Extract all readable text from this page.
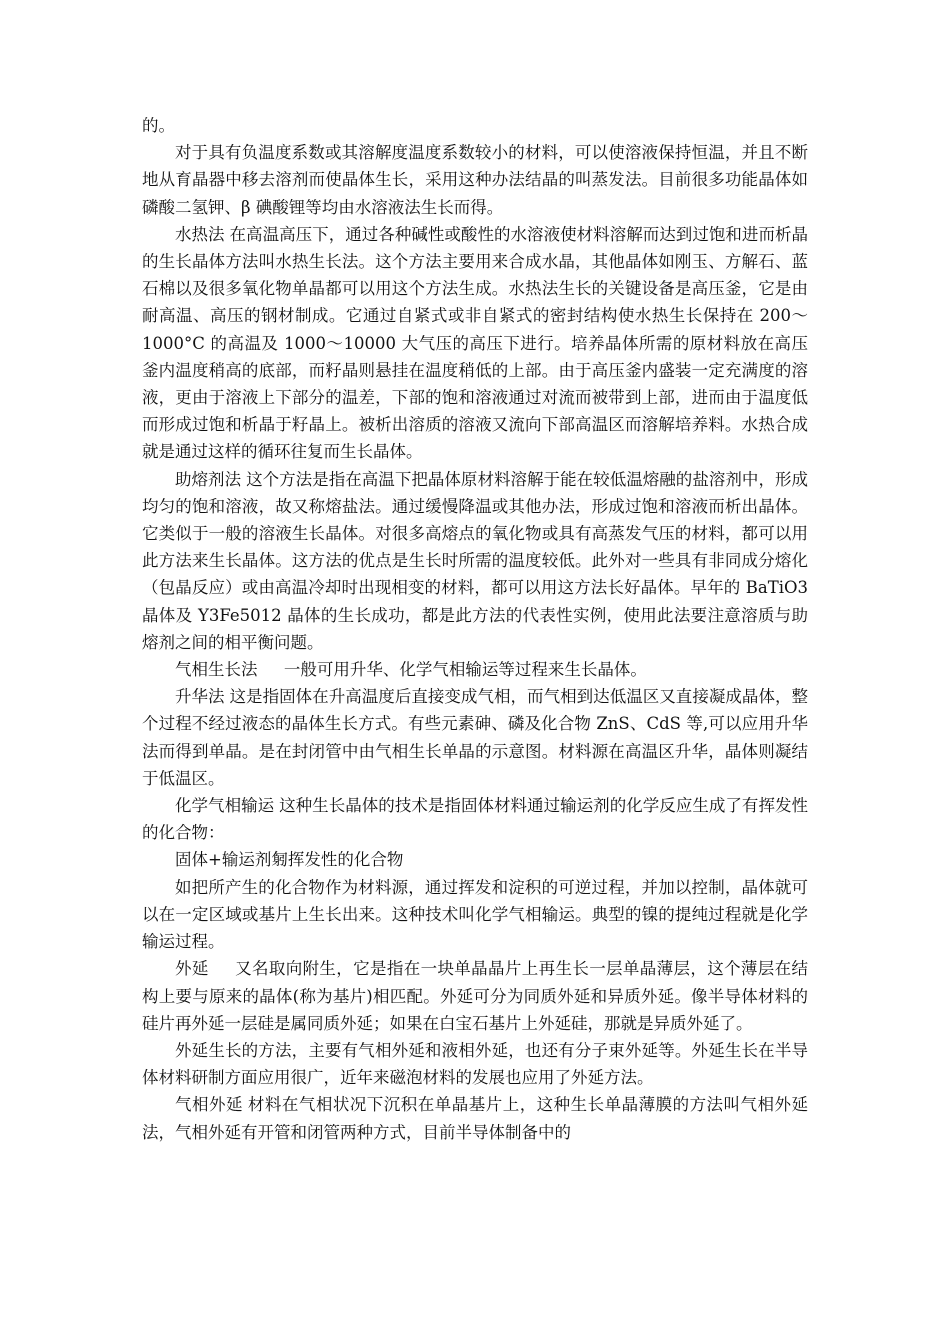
的。

对于具有负温度系数或其溶解度温度系数较小的材料，可以使溶液保持恒温，并且不断地从育晶器中移去溶剂而使晶体生长，采用这种办法结晶的叫蒸发法。目前很多功能晶体如磷酸二氢钾、β 碘酸锂等均由水溶液法生长而得。

水热法 在高温高压下，通过各种碱性或酸性的水溶液使材料溶解而达到过饱和进而析晶的生长晶体方法叫水热生长法。这个方法主要用来合成水晶，其他晶体如刚玉、方解石、蓝石棉以及很多氧化物单晶都可以用这个方法生成。水热法生长的关键设备是高压釜，它是由耐高温、高压的钢材制成。它通过自紧式或非自紧式的密封结构使水热生长保持在 200～1000°C 的高温及 1000～10000 大气压的高压下进行。培养晶体所需的原材料放在高压釜内温度稍高的底部，而籽晶则悬挂在温度稍低的上部。由于高压釜内盛装一定充满度的溶液，更由于溶液上下部分的温差，下部的饱和溶液通过对流而被带到上部，进而由于温度低而形成过饱和析晶于籽晶上。被析出溶质的溶液又流向下部高温区而溶解培养料。水热合成就是通过这样的循环往复而生长晶体。

助熔剂法 这个方法是指在高温下把晶体原材料溶解于能在较低温熔融的盐溶剂中，形成均匀的饱和溶液，故又称熔盐法。通过缓慢降温或其他办法，形成过饱和溶液而析出晶体。它类似于一般的溶液生长晶体。对很多高熔点的氧化物或具有高蒸发气压的材料，都可以用此方法来生长晶体。这方法的优点是生长时所需的温度较低。此外对一些具有非同成分熔化（包晶反应）或由高温冷却时出现相变的材料，都可以用这方法长好晶体。早年的 BaTiO3 晶体及 Y3Fe5012 晶体的生长成功，都是此方法的代表性实例，使用此法要注意溶质与助熔剂之间的相平衡问题。

气相生长法 一般可用升华、化学气相输运等过程来生长晶体。

升华法 这是指固体在升高温度后直接变成气相，而气相到达低温区又直接凝成晶体，整个过程不经过液态的晶体生长方式。有些元素砷、磷及化合物 ZnS、CdS 等,可以应用升华法而得到单晶。是在封闭管中由气相生长单晶的示意图。材料源在高温区升华，晶体则凝结于低温区。

化学气相输运 这种生长晶体的技术是指固体材料通过输运剂的化学反应生成了有挥发性的化合物：

固体+输运剂匑挥发性的化合物

如把所产生的化合物作为材料源，通过挥发和淀积的可逆过程，并加以控制，晶体就可以在一定区域或基片上生长出来。这种技术叫化学气相输运。典型的镍的提纯过程就是化学输运过程。

外延 又名取向附生，它是指在一块单晶晶片上再生长一层单晶薄层，这个薄层在结构上要与原来的晶体(称为基片)相匹配。外延可分为同质外延和异质外延。像半导体材料的硅片再外延一层硅是属同质外延；如果在白宝石基片上外延硅，那就是异质外延了。

外延生长的方法，主要有气相外延和液相外延，也还有分子束外延等。外延生长在半导体材料研制方面应用很广，近年来磁泡材料的发展也应用了外延方法。

气相外延 材料在气相状况下沉积在单晶基片上，这种生长单晶薄膜的方法叫气相外延法，气相外延有开管和闭管两种方式，目前半导体制备中的
